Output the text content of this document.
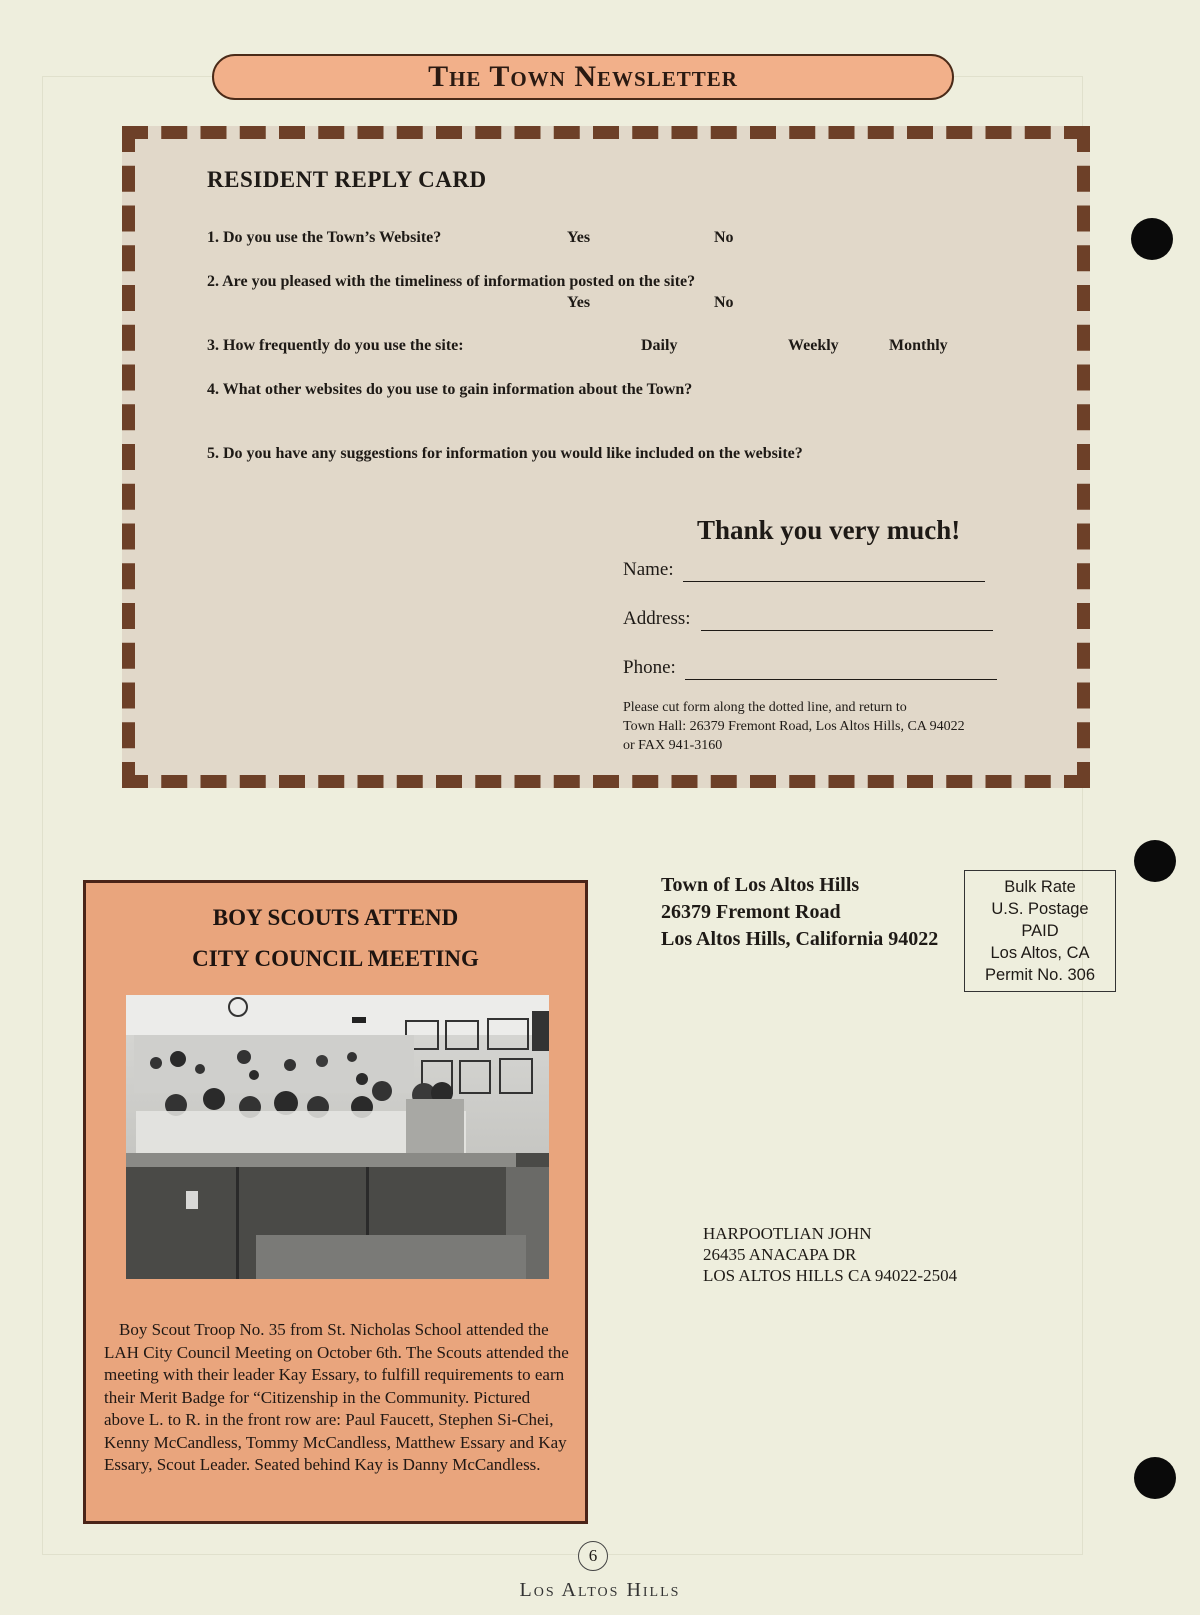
The Town Newsletter
RESIDENT REPLY CARD
1. Do you use the Town’s Website?	Yes	No
2. Are you pleased with the timeliness of information posted on the site?
Yes	No
3. How frequently do you use the site:	Daily	Weekly	Monthly
4. What other websites do you use to gain information about the Town?
5. Do you have any suggestions for information you would like included on the website?
Thank you very much!
Name:
Address:
Phone:
Please cut form along the dotted line, and return to
Town Hall: 26379 Fremont Road, Los Altos Hills, CA 94022
or FAX 941-3160
BOY SCOUTS ATTEND
CITY COUNCIL MEETING

Boy Scout Troop No. 35 from St. Nicholas School attended the LAH City Council Meeting on October 6th. The Scouts attended the meeting with their leader Kay Essary, to fulfill requirements to earn their Merit Badge for “Citizenship in the Community. Pictured above L. to R. in the front row are: Paul Faucett, Stephen Si-Chei, Kenny McCandless, Tommy McCandless, Matthew Essary and Kay Essary, Scout Leader. Seated behind Kay is Danny McCandless.

Town of Los Altos Hills
26379 Fremont Road
Los Altos Hills, California 94022
Bulk Rate
U.S. Postage
PAID
Los Altos, CA
Permit No. 306
HARPOOTLIAN JOHN
26435 ANACAPA DR
LOS ALTOS HILLS CA 94022-2504
6
Los Altos Hills
